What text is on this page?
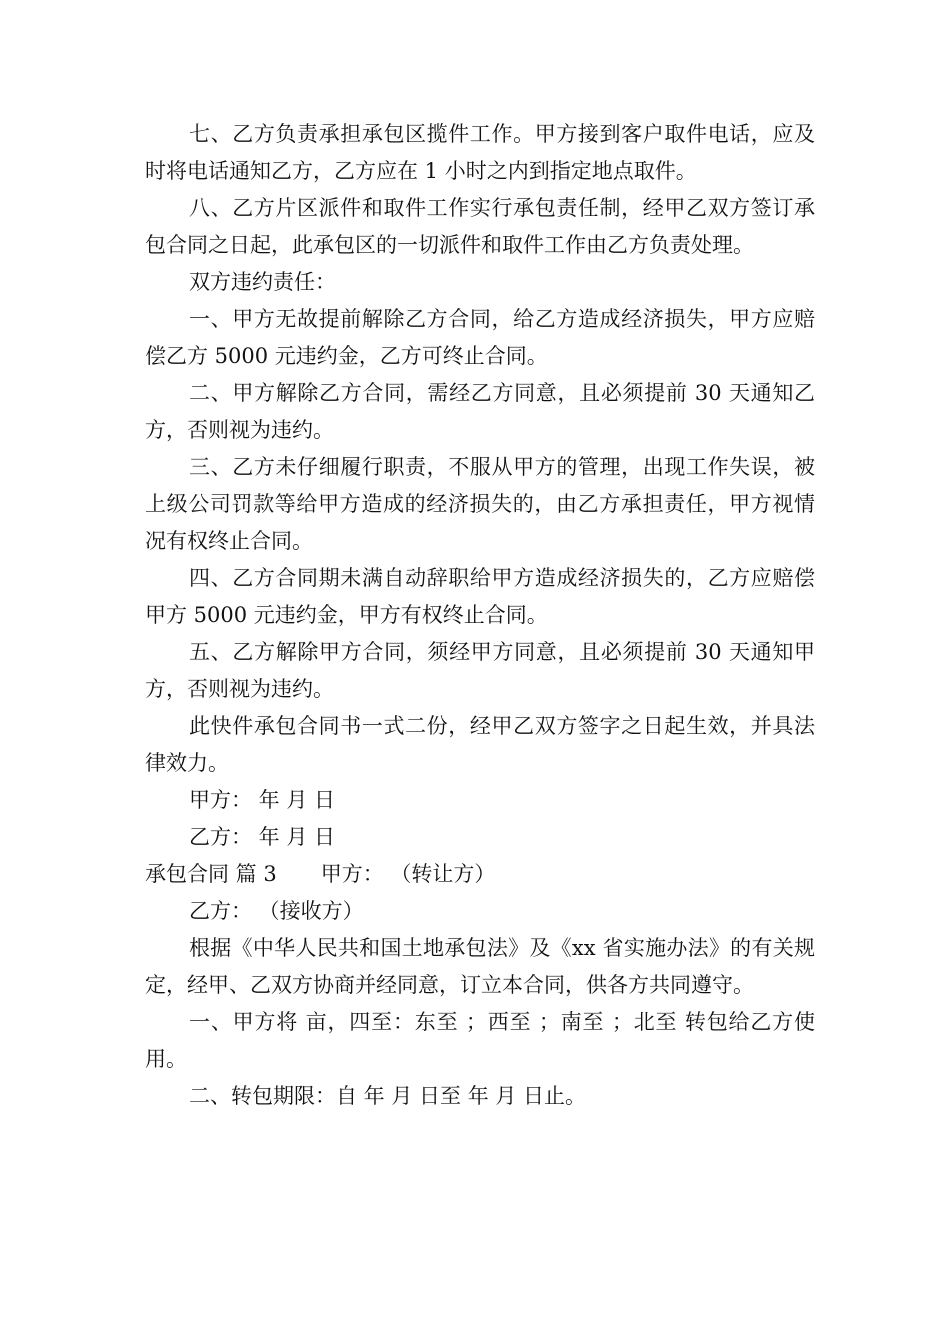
七、乙方负责承担承包区揽件工作。甲方接到客户取件电话，应及时将电话通知乙方，乙方应在 1 小时之内到指定地点取件。

八、乙方片区派件和取件工作实行承包责任制，经甲乙双方签订承包合同之日起，此承包区的一切派件和取件工作由乙方负责处理。

双方违约责任：

一、甲方无故提前解除乙方合同，给乙方造成经济损失，甲方应赔偿乙方 5000 元违约金，乙方可终止合同。

二、甲方解除乙方合同，需经乙方同意，且必须提前 30 天通知乙方，否则视为违约。

三、乙方未仔细履行职责，不服从甲方的管理，出现工作失误，被上级公司罚款等给甲方造成的经济损失的，由乙方承担责任，甲方视情况有权终止合同。

四、乙方合同期未满自动辞职给甲方造成经济损失的，乙方应赔偿甲方 5000 元违约金，甲方有权终止合同。

五、乙方解除甲方合同，须经甲方同意，且必须提前 30 天通知甲方，否则视为违约。

此快件承包合同书一式二份，经甲乙双方签字之日起生效，并具法律效力。

甲方： 年 月 日

乙方： 年 月 日

承包合同 篇 3 甲方： （转让方）

乙方： （接收方）

根据《中华人民共和国土地承包法》及《xx 省实施办法》的有关规定，经甲、乙双方协商并经同意，订立本合同，供各方共同遵守。

一、甲方将 亩，四至：东至 ；西至 ；南至 ；北至 转包给乙方使用。

二、转包期限：自 年 月 日至 年 月 日止。
